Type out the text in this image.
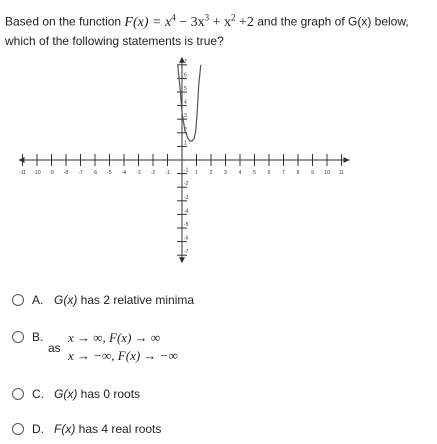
Based on the function $F(x) = x^4 - 3x^3 + x^2 +2$ and the graph of G(x) below,
which of the following statements is true?
-11 -10 -9 -8 -7 -6 -5 -4 -3 -2 -1	1 2 3 4 5 6 7 8 9 10 11
-7
-6
-5
-4
-3
-2
-1
1
2
3
4
5
6
7
A. G(x) has 2 relative minima
B.
as
x → ∞, F(x) → ∞
x → −∞, F(x) → −∞
C. G(x) has 0 roots
D. F(x) has 4 real roots
